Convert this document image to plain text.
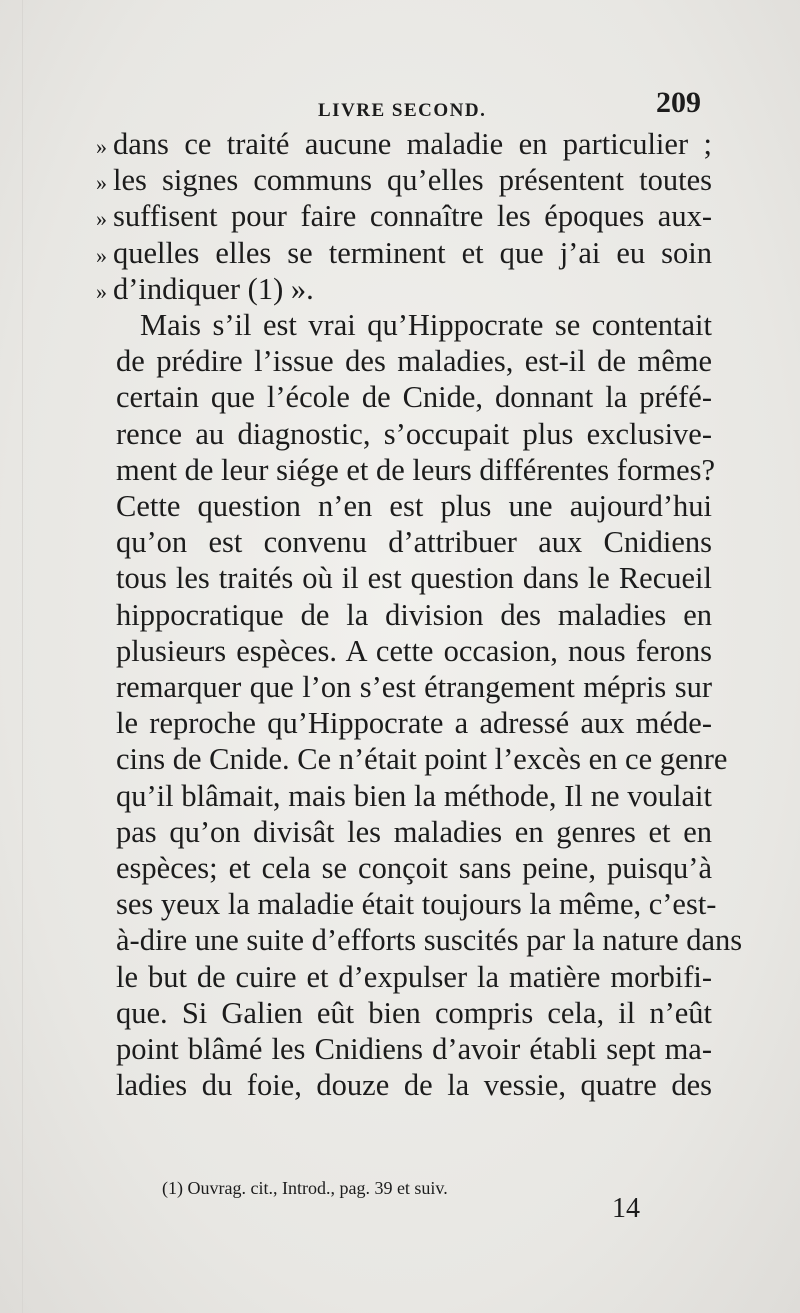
LIVRE SECOND.	209
» dans ce traité aucune maladie en particulier ;
» les signes communs qu’elles présentent toutes
» suffisent pour faire connaître les époques aux-
» quelles elles se terminent et que j’ai eu soin
» d’indiquer (1) ».
Mais s’il est vrai qu’Hippocrate se contentait
de prédire l’issue des maladies, est-il de même
certain que l’école de Cnide, donnant la préfé-
rence au diagnostic, s’occupait plus exclusive-
ment de leur siége et de leurs différentes formes?
Cette question n’en est plus une aujourd’hui
qu’on est convenu d’attribuer aux Cnidiens
tous les traités où il est question dans le Recueil
hippocratique de la division des maladies en
plusieurs espèces. A cette occasion, nous ferons
remarquer que l’on s’est étrangement mépris sur
le reproche qu’Hippocrate a adressé aux méde-
cins de Cnide. Ce n’était point l’excès en ce genre
qu’il blâmait, mais bien la méthode, Il ne voulait
pas qu’on divisât les maladies en genres et en
espèces; et cela se conçoit sans peine, puisqu’à
ses yeux la maladie était toujours la même, c’est-
à-dire une suite d’efforts suscités par la nature dans
le but de cuire et d’expulser la matière morbifi-
que. Si Galien eût bien compris cela, il n’eût
point blâmé les Cnidiens d’avoir établi sept ma-
ladies du foie, douze de la vessie, quatre des
(1) Ouvrag. cit., Introd., pag. 39 et suiv.
14
